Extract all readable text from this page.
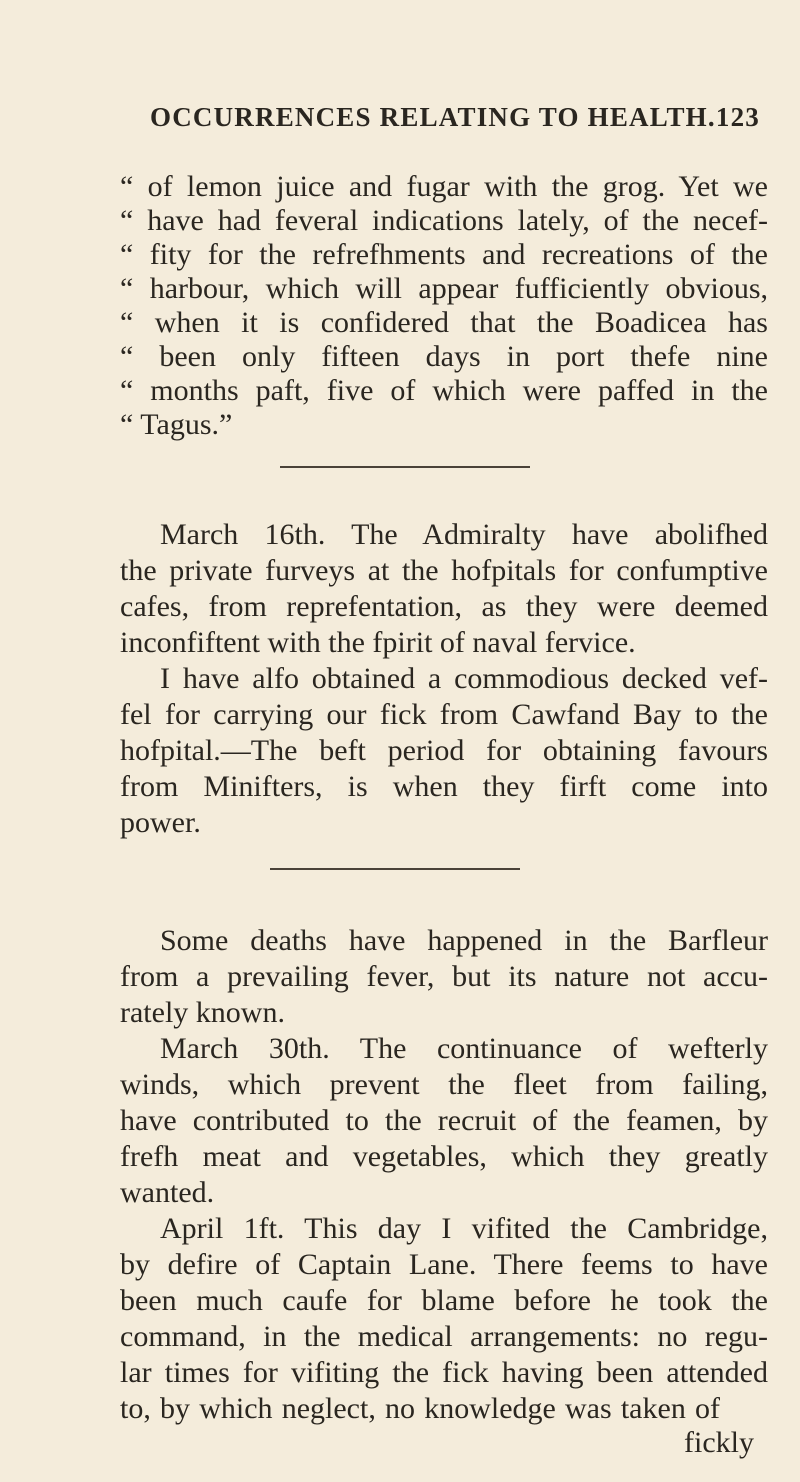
OCCURRENCES RELATING TO HEALTH. 123
“ of lemon juice and fugar with the grog. Yet we
“ have had feveral indications lately, of the necef-
“ fity for the refrefhments and recreations of the
“ harbour, which will appear fufficiently obvious,
“ when it is confidered that the Boadicea has
“ been only fifteen days in port thefe nine
“ months paft, five of which were paffed in the
“ Tagus.”
March 16th. The Admiralty have abolifhed
the private furveys at the hofpitals for confumptive
cafes, from reprefentation, as they were deemed
inconfiftent with the fpirit of naval fervice.
I have alfo obtained a commodious decked vef-
fel for carrying our fick from Cawfand Bay to the
hofpital.—The beft period for obtaining favours
from Minifters, is when they firft come into
power.
Some deaths have happened in the Barfleur
from a prevailing fever, but its nature not accu-
rately known.
March 30th. The continuance of wefterly
winds, which prevent the fleet from failing,
have contributed to the recruit of the feamen, by
frefh meat and vegetables, which they greatly
wanted.
April 1ft. This day I vifited the Cambridge,
by defire of Captain Lane. There feems to have
been much caufe for blame before he took the
command, in the medical arrangements: no regu-
lar times for vifiting the fick having been attended
to, by which neglect, no knowledge was taken of
fickly
